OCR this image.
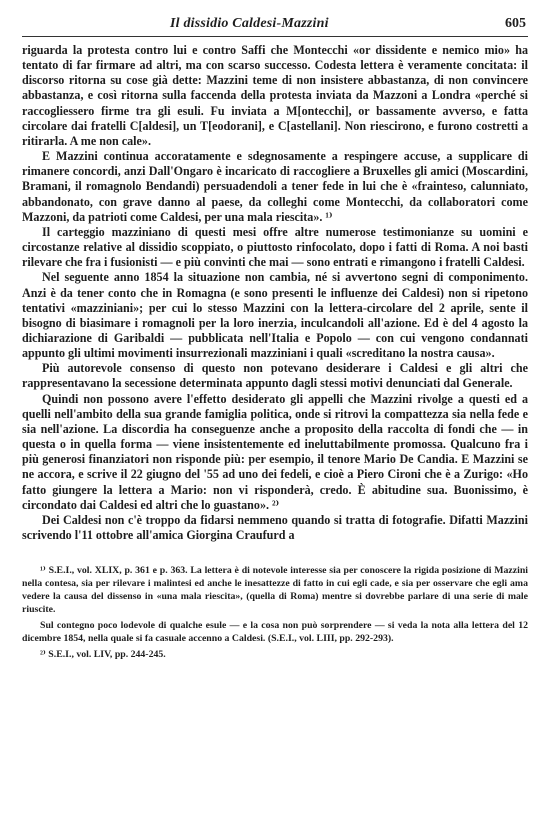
Il dissidio Caldesi-Mazzini	605

riguarda la protesta contro lui e contro Saffi che Montecchi «or dissidente e nemico mio» ha tentato di far firmare ad altri, ma con scarso successo. Codesta lettera è veramente concitata: il discorso ritorna su cose già dette: Mazzini teme di non insistere abbastanza, di non convincere abbastanza, e così ritorna sulla faccenda della protesta inviata da Mazzoni a Londra «perché si raccogliessero firme tra gli esuli. Fu inviata a M[ontecchi], or bassamente avverso, e fatta circolare dai fratelli C[aldesi], un T[eodorani], e C[astellani]. Non riescirono, e furono costretti a ritirarla. A me non cale».

E Mazzini continua accoratamente e sdegnosamente a respingere accuse, a supplicare di rimanere concordi, anzi Dall'Ongaro è incaricato di raccogliere a Bruxelles gli amici (Moscardini, Bramani, il romagnolo Bendandi) persuadendoli a tener fede in lui che è «frainteso, calunniato, abbandonato, con grave danno al paese, da colleghi come Montecchi, da collaboratori come Mazzoni, da patrioti come Caldesi, per una mala riescita». ¹⁾

Il carteggio mazziniano di questi mesi offre altre numerose testimonianze su uomini e circostanze relative al dissidio scoppiato, o piuttosto rinfocolato, dopo i fatti di Roma. A noi basti rilevare che fra i fusionisti — e più convinti che mai — sono entrati e rimangono i fratelli Caldesi.

Nel seguente anno 1854 la situazione non cambia, né si avvertono segni di componimento. Anzi è da tener conto che in Romagna (e sono presenti le influenze dei Caldesi) non si ripetono tentativi «mazziniani»; per cui lo stesso Mazzini con la lettera-circolare del 2 aprile, sente il bisogno di biasimare i romagnoli per la loro inerzia, inculcandoli all'azione. Ed è del 4 agosto la dichiarazione di Garibaldi — pubblicata nell'Italia e Popolo — con cui vengono condannati appunto gli ultimi movimenti insurrezionali mazziniani i quali «screditano la nostra causa».

Più autorevole consenso di questo non potevano desiderare i Caldesi e gli altri che rappresentavano la secessione determinata appunto dagli stessi motivi denunciati dal Generale.

Quindi non possono avere l'effetto desiderato gli appelli che Mazzini rivolge a questi ed a quelli nell'ambito della sua grande famiglia politica, onde si ritrovi la compattezza sia nella fede e sia nell'azione. La discordia ha conseguenze anche a proposito della raccolta di fondi che — in questa o in quella forma — viene insistentemente ed ineluttabilmente promossa. Qualcuno fra i più generosi finanziatori non risponde più: per esempio, il tenore Mario De Candia. E Mazzini se ne accora, e scrive il 22 giugno del '55 ad uno dei fedeli, e cioè a Piero Cironi che è a Zurigo: «Ho fatto giungere la lettera a Mario: non vi risponderà, credo. È abitudine sua. Buonissimo, è circondato dai Caldesi ed altri che lo guastano». ²⁾

Dei Caldesi non c'è troppo da fidarsi nemmeno quando si tratta di fotografie. Difatti Mazzini scrivendo l'11 ottobre all'amica Giorgina Craufurd a

¹⁾ S.E.I., vol. XLIX, p. 361 e p. 363. La lettera è di notevole interesse sia per conoscere la rigida posizione di Mazzini nella contesa, sia per rilevare i malintesi ed anche le inesattezze di fatto in cui egli cade, e sia per osservare che egli ama vedere la causa del dissenso in «una mala riescita», (quella di Roma) mentre si dovrebbe parlare di una serie di male riuscite.

Sul contegno poco lodevole di qualche esule — e la cosa non può sorprendere — si veda la nota alla lettera del 12 dicembre 1854, nella quale si fa casuale accenno a Caldesi. (S.E.I., vol. LIII, pp. 292-293).

²⁾ S.E.I., vol. LIV, pp. 244-245.
